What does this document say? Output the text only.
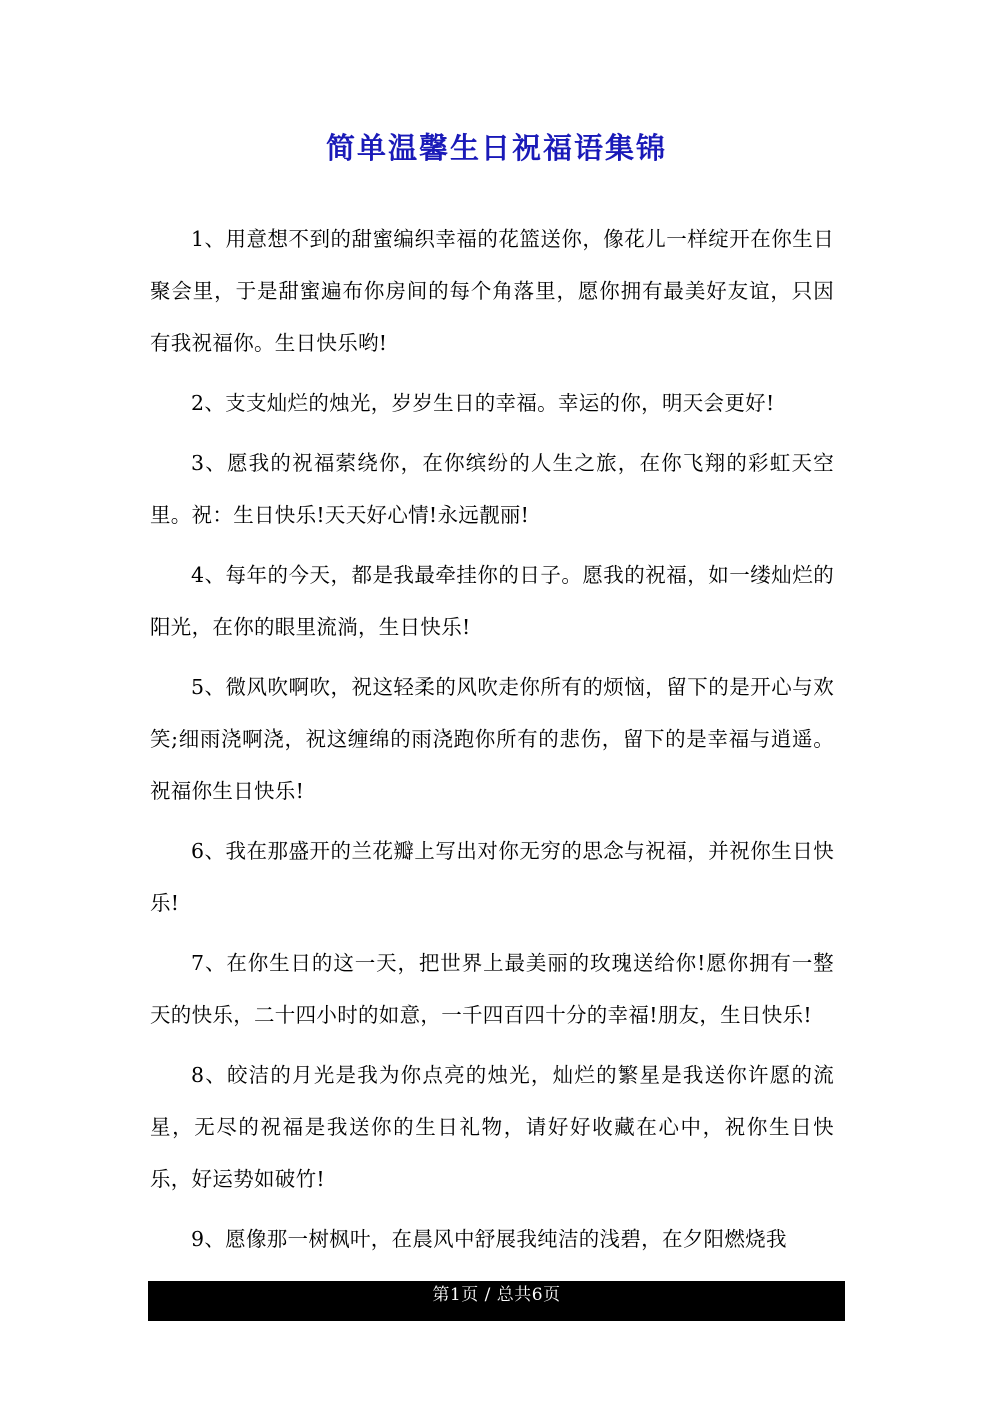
简单温馨生日祝福语集锦

1、用意想不到的甜蜜编织幸福的花篮送你，像花儿一样绽开在你生日聚会里，于是甜蜜遍布你房间的每个角落里，愿你拥有最美好友谊，只因有我祝福你。生日快乐哟!

2、支支灿烂的烛光，岁岁生日的幸福。幸运的你，明天会更好!

3、愿我的祝福萦绕你，在你缤纷的人生之旅，在你飞翔的彩虹天空里。祝：生日快乐!天天好心情!永远靓丽!

4、每年的今天，都是我最牵挂你的日子。愿我的祝福，如一缕灿烂的阳光，在你的眼里流淌，生日快乐!

5、微风吹啊吹，祝这轻柔的风吹走你所有的烦恼，留下的是开心与欢笑;细雨浇啊浇，祝这缠绵的雨浇跑你所有的悲伤，留下的是幸福与逍遥。祝福你生日快乐!

6、我在那盛开的兰花瓣上写出对你无穷的思念与祝福，并祝你生日快乐!

7、在你生日的这一天，把世界上最美丽的玫瑰送给你!愿你拥有一整天的快乐，二十四小时的如意，一千四百四十分的幸福!朋友，生日快乐!

8、皎洁的月光是我为你点亮的烛光，灿烂的繁星是我送你许愿的流星，无尽的祝福是我送你的生日礼物，请好好收藏在心中，祝你生日快乐，好运势如破竹!

9、愿像那一树枫叶，在晨风中舒展我纯洁的浅碧，在夕阳燃烧我

第1页 / 总共6页
